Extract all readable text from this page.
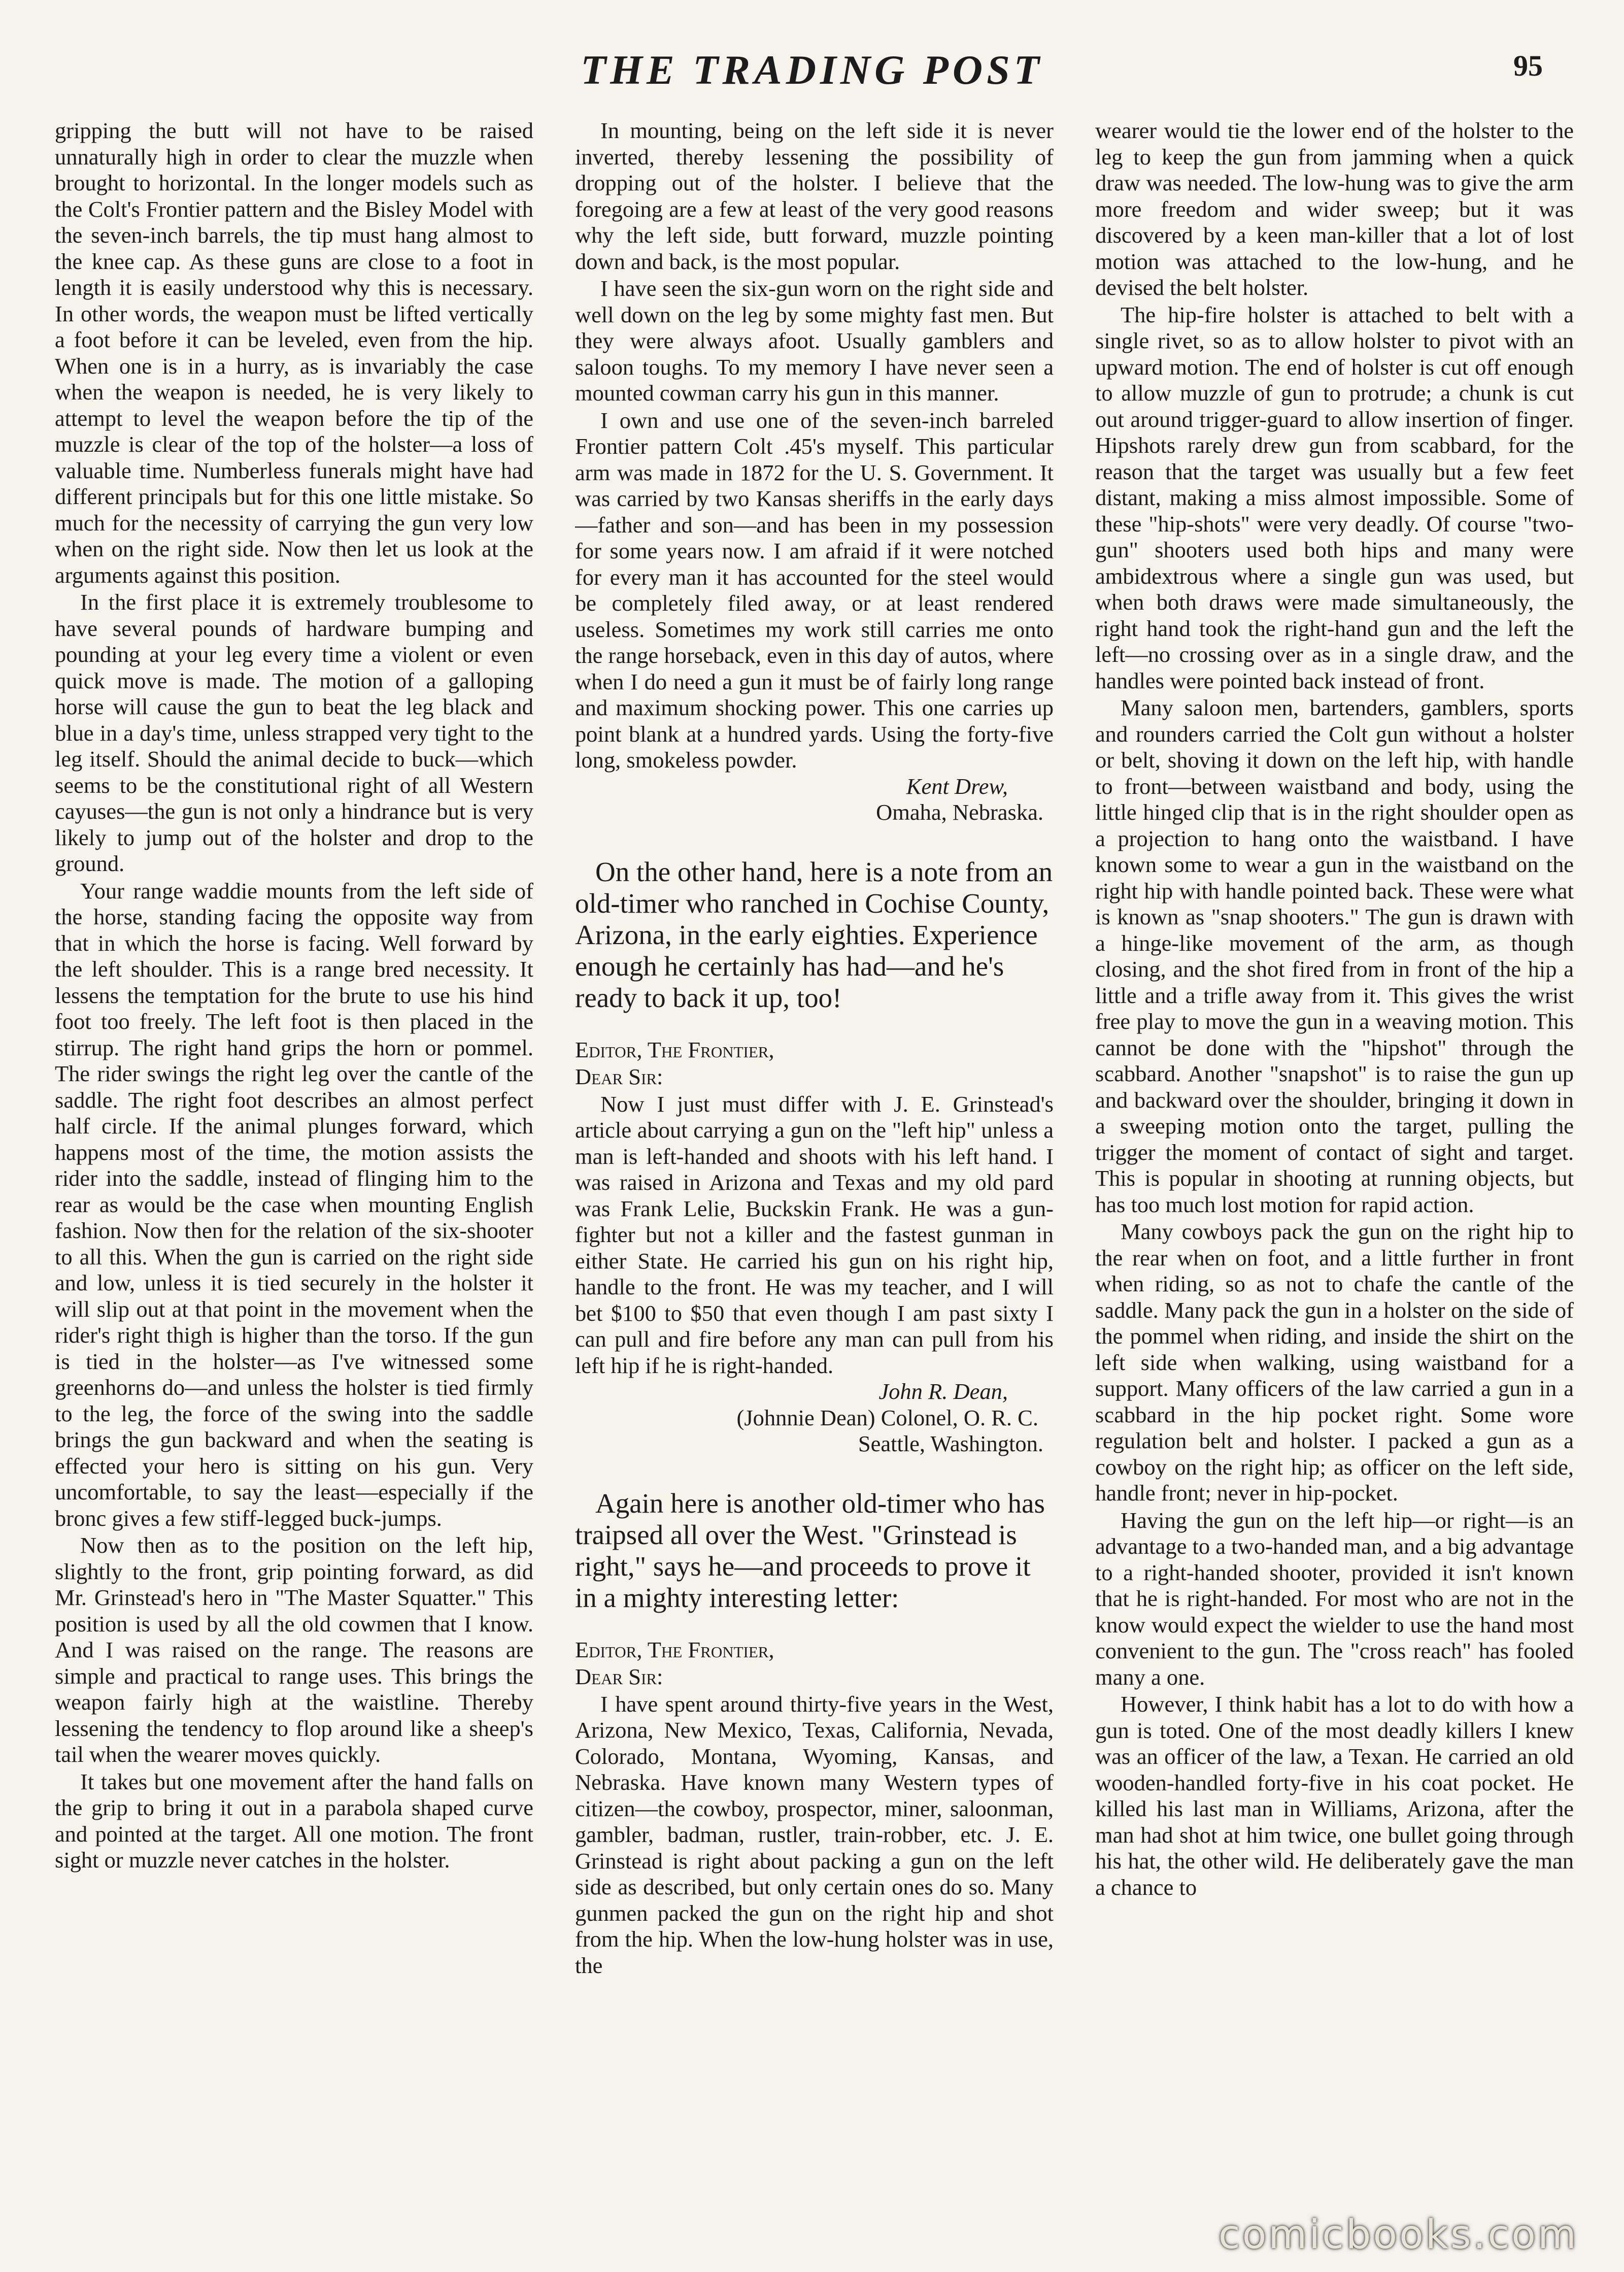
THE TRADING POST	95

gripping the butt will not have to be raised unnaturally high in order to clear the muzzle when brought to horizontal. In the longer models such as the Colt's Frontier pattern and the Bisley Model with the seven-inch barrels, the tip must hang almost to the knee cap. As these guns are close to a foot in length it is easily understood why this is necessary. In other words, the weapon must be lifted vertically a foot before it can be leveled, even from the hip. When one is in a hurry, as is invariably the case when the weapon is needed, he is very likely to attempt to level the weapon before the tip of the muzzle is clear of the top of the holster—a loss of valuable time. Numberless funerals might have had different principals but for this one little mistake. So much for the necessity of carrying the gun very low when on the right side. Now then let us look at the arguments against this position.

In the first place it is extremely troublesome to have several pounds of hardware bumping and pounding at your leg every time a violent or even quick move is made. The motion of a galloping horse will cause the gun to beat the leg black and blue in a day's time, unless strapped very tight to the leg itself. Should the animal decide to buck—which seems to be the constitutional right of all Western cayuses—the gun is not only a hindrance but is very likely to jump out of the holster and drop to the ground.

Your range waddie mounts from the left side of the horse, standing facing the opposite way from that in which the horse is facing. Well forward by the left shoulder. This is a range bred necessity. It lessens the temptation for the brute to use his hind foot too freely. The left foot is then placed in the stirrup. The right hand grips the horn or pommel. The rider swings the right leg over the cantle of the saddle. The right foot describes an almost perfect half circle. If the animal plunges forward, which happens most of the time, the motion assists the rider into the saddle, instead of flinging him to the rear as would be the case when mounting English fashion. Now then for the relation of the six-shooter to all this. When the gun is carried on the right side and low, unless it is tied securely in the holster it will slip out at that point in the movement when the rider's right thigh is higher than the torso. If the gun is tied in the holster—as I've witnessed some greenhorns do—and unless the holster is tied firmly to the leg, the force of the swing into the saddle brings the gun backward and when the seating is effected your hero is sitting on his gun. Very uncomfortable, to say the least—especially if the bronc gives a few stiff-legged buck-jumps.

Now then as to the position on the left hip, slightly to the front, grip pointing forward, as did Mr. Grinstead's hero in "The Master Squatter." This position is used by all the old cowmen that I know. And I was raised on the range. The reasons are simple and practical to range uses. This brings the weapon fairly high at the waistline. Thereby lessening the tendency to flop around like a sheep's tail when the wearer moves quickly.

It takes but one movement after the hand falls on the grip to bring it out in a parabola shaped curve and pointed at the target. All one motion. The front sight or muzzle never catches in the holster.

In mounting, being on the left side it is never inverted, thereby lessening the possibility of dropping out of the holster. I believe that the foregoing are a few at least of the very good reasons why the left side, butt forward, muzzle pointing down and back, is the most popular.

I have seen the six-gun worn on the right side and well down on the leg by some mighty fast men. But they were always afoot. Usually gamblers and saloon toughs. To my memory I have never seen a mounted cowman carry his gun in this manner.

I own and use one of the seven-inch barreled Frontier pattern Colt .45's myself. This particular arm was made in 1872 for the U. S. Government. It was carried by two Kansas sheriffs in the early days—father and son—and has been in my possession for some years now. I am afraid if it were notched for every man it has accounted for the steel would be completely filed away, or at least rendered useless. Sometimes my work still carries me onto the range horseback, even in this day of autos, where when I do need a gun it must be of fairly long range and maximum shocking power. This one carries up point blank at a hundred yards. Using the forty-five long, smokeless powder.

Kent Drew,
Omaha, Nebraska.

On the other hand, here is a note from an old-timer who ranched in Cochise County, Arizona, in the early eighties. Experience enough he certainly has had—and he's ready to back it up, too!

Editor, The Frontier,

Dear Sir:

Now I just must differ with J. E. Grinstead's article about carrying a gun on the "left hip" unless a man is left-handed and shoots with his left hand. I was raised in Arizona and Texas and my old pard was Frank Lelie, Buckskin Frank. He was a gun-fighter but not a killer and the fastest gunman in either State. He carried his gun on his right hip, handle to the front. He was my teacher, and I will bet $100 to $50 that even though I am past sixty I can pull and fire before any man can pull from his left hip if he is right-handed.

John R. Dean,
(Johnnie Dean) Colonel, O. R. C.
Seattle, Washington.

Again here is another old-timer who has traipsed all over the West. "Grinstead is right," says he—and proceeds to prove it in a mighty interesting letter:

Editor, The Frontier,

Dear Sir:

I have spent around thirty-five years in the West, Arizona, New Mexico, Texas, California, Nevada, Colorado, Montana, Wyoming, Kansas, and Nebraska. Have known many Western types of citizen—the cowboy, prospector, miner, saloonman, gambler, badman, rustler, train-robber, etc. J. E. Grinstead is right about packing a gun on the left side as described, but only certain ones do so. Many gunmen packed the gun on the right hip and shot from the hip. When the low-hung holster was in use, the

wearer would tie the lower end of the holster to the leg to keep the gun from jamming when a quick draw was needed. The low-hung was to give the arm more freedom and wider sweep; but it was discovered by a keen man-killer that a lot of lost motion was attached to the low-hung, and he devised the belt holster.

The hip-fire holster is attached to belt with a single rivet, so as to allow holster to pivot with an upward motion. The end of holster is cut off enough to allow muzzle of gun to protrude; a chunk is cut out around trigger-guard to allow insertion of finger. Hipshots rarely drew gun from scabbard, for the reason that the target was usually but a few feet distant, making a miss almost impossible. Some of these "hip-shots" were very deadly. Of course "two-gun" shooters used both hips and many were ambidextrous where a single gun was used, but when both draws were made simultaneously, the right hand took the right-hand gun and the left the left—no crossing over as in a single draw, and the handles were pointed back instead of front.

Many saloon men, bartenders, gamblers, sports and rounders carried the Colt gun without a holster or belt, shoving it down on the left hip, with handle to front—between waistband and body, using the little hinged clip that is in the right shoulder open as a projection to hang onto the waistband. I have known some to wear a gun in the waistband on the right hip with handle pointed back. These were what is known as "snap shooters." The gun is drawn with a hinge-like movement of the arm, as though closing, and the shot fired from in front of the hip a little and a trifle away from it. This gives the wrist free play to move the gun in a weaving motion. This cannot be done with the "hipshot" through the scabbard. Another "snapshot" is to raise the gun up and backward over the shoulder, bringing it down in a sweeping motion onto the target, pulling the trigger the moment of contact of sight and target. This is popular in shooting at running objects, but has too much lost motion for rapid action.

Many cowboys pack the gun on the right hip to the rear when on foot, and a little further in front when riding, so as not to chafe the cantle of the saddle. Many pack the gun in a holster on the side of the pommel when riding, and inside the shirt on the left side when walking, using waistband for a support. Many officers of the law carried a gun in a scabbard in the hip pocket right. Some wore regulation belt and holster. I packed a gun as a cowboy on the right hip; as officer on the left side, handle front; never in hip-pocket.

Having the gun on the left hip—or right—is an advantage to a two-handed man, and a big advantage to a right-handed shooter, provided it isn't known that he is right-handed. For most who are not in the know would expect the wielder to use the hand most convenient to the gun. The "cross reach" has fooled many a one.

However, I think habit has a lot to do with how a gun is toted. One of the most deadly killers I knew was an officer of the law, a Texan. He carried an old wooden-handled forty-five in his coat pocket. He killed his last man in Williams, Arizona, after the man had shot at him twice, one bullet going through his hat, the other wild. He deliberately gave the man a chance to

comicbooks.com
